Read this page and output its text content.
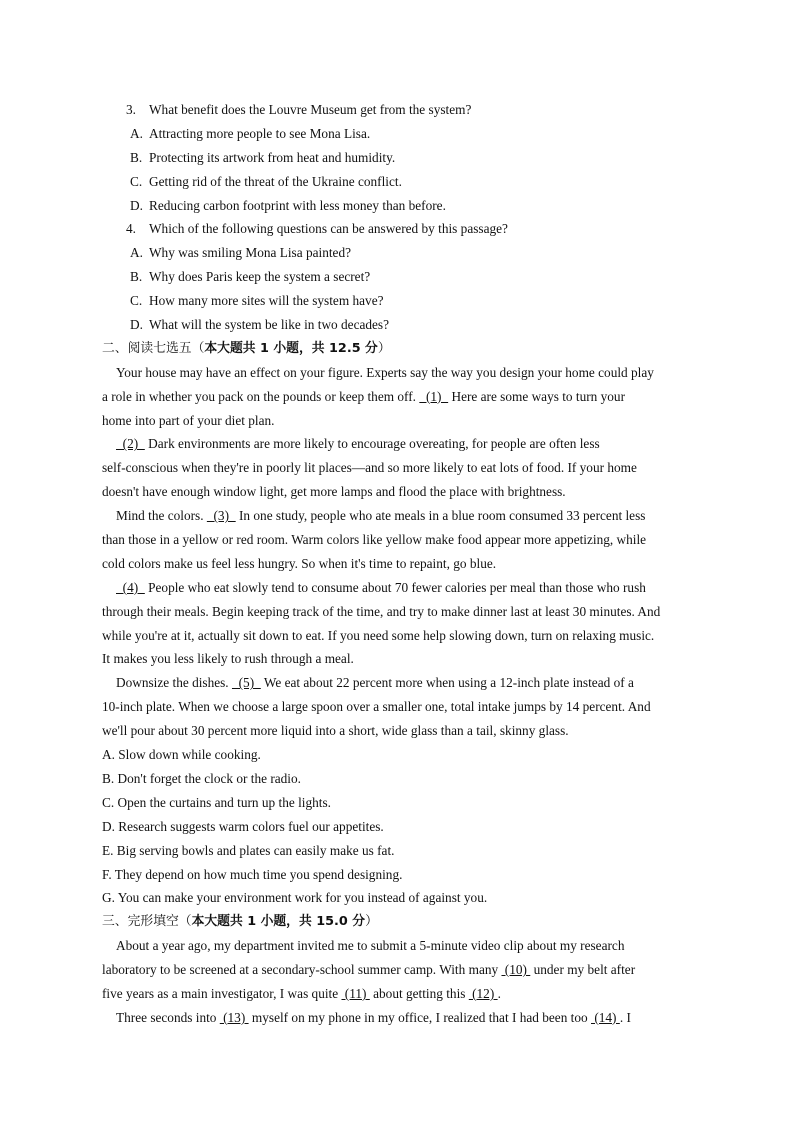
3. What benefit does the Louvre Museum get from the system?
A. Attracting more people to see Mona Lisa.
B. Protecting its artwork from heat and humidity.
C. Getting rid of the threat of the Ukraine conflict.
D. Reducing carbon footprint with less money than before.
4. Which of the following questions can be answered by this passage?
A. Why was smiling Mona Lisa painted?
B. Why does Paris keep the system a secret?
C. How many more sites will the system have?
D. What will the system be like in two decades?
二、阅读七选五（本大题共 1 小题，共 12.5 分）
Your house may have an effect on your figure. Experts say the way you design your home could play
a role in whether you pack on the pounds or keep them off.   (1)   Here are some ways to turn your
home into part of your diet plan.
(2)   Dark environments are more likely to encourage overeating, for people are often less
self-conscious when they're in poorly lit places—and so more likely to eat lots of food. If your home
doesn't have enough window light, get more lamps and flood the place with brightness.
Mind the colors.   (3)   In one study, people who ate meals in a blue room consumed 33 percent less
than those in a yellow or red room. Warm colors like yellow make food appear more appetizing, while
cold colors make us feel less hungry. So when it's time to repaint, go blue.
(4)   People who eat slowly tend to consume about 70 fewer calories per meal than those who rush
through their meals. Begin keeping track of the time, and try to make dinner last at least 30 minutes. And
while you're at it, actually sit down to eat. If you need some help slowing down, turn on relaxing music.
It makes you less likely to rush through a meal.
Downsize the dishes.   (5)   We eat about 22 percent more when using a 12-inch plate instead of a
10-inch plate. When we choose a large spoon over a smaller one, total intake jumps by 14 percent. And
we'll pour about 30 percent more liquid into a short, wide glass than a tail, skinny glass.
A. Slow down while cooking.
B. Don't forget the clock or the radio.
C. Open the curtains and turn up the lights.
D. Research suggests warm colors fuel our appetites.
E. Big serving bowls and plates can easily make us fat.
F. They depend on how much time you spend designing.
G. You can make your environment work for you instead of against you.
三、完形填空（本大题共 1 小题，共 15.0 分）
About a year ago, my department invited me to submit a 5-minute video clip about my research
laboratory to be screened at a secondary-school summer camp. With many  (10)  under my belt after
five years as a main investigator, I was quite  (11)  about getting this  (12) .
Three seconds into  (13)  myself on my phone in my office, I realized that I had been too  (14) . I
